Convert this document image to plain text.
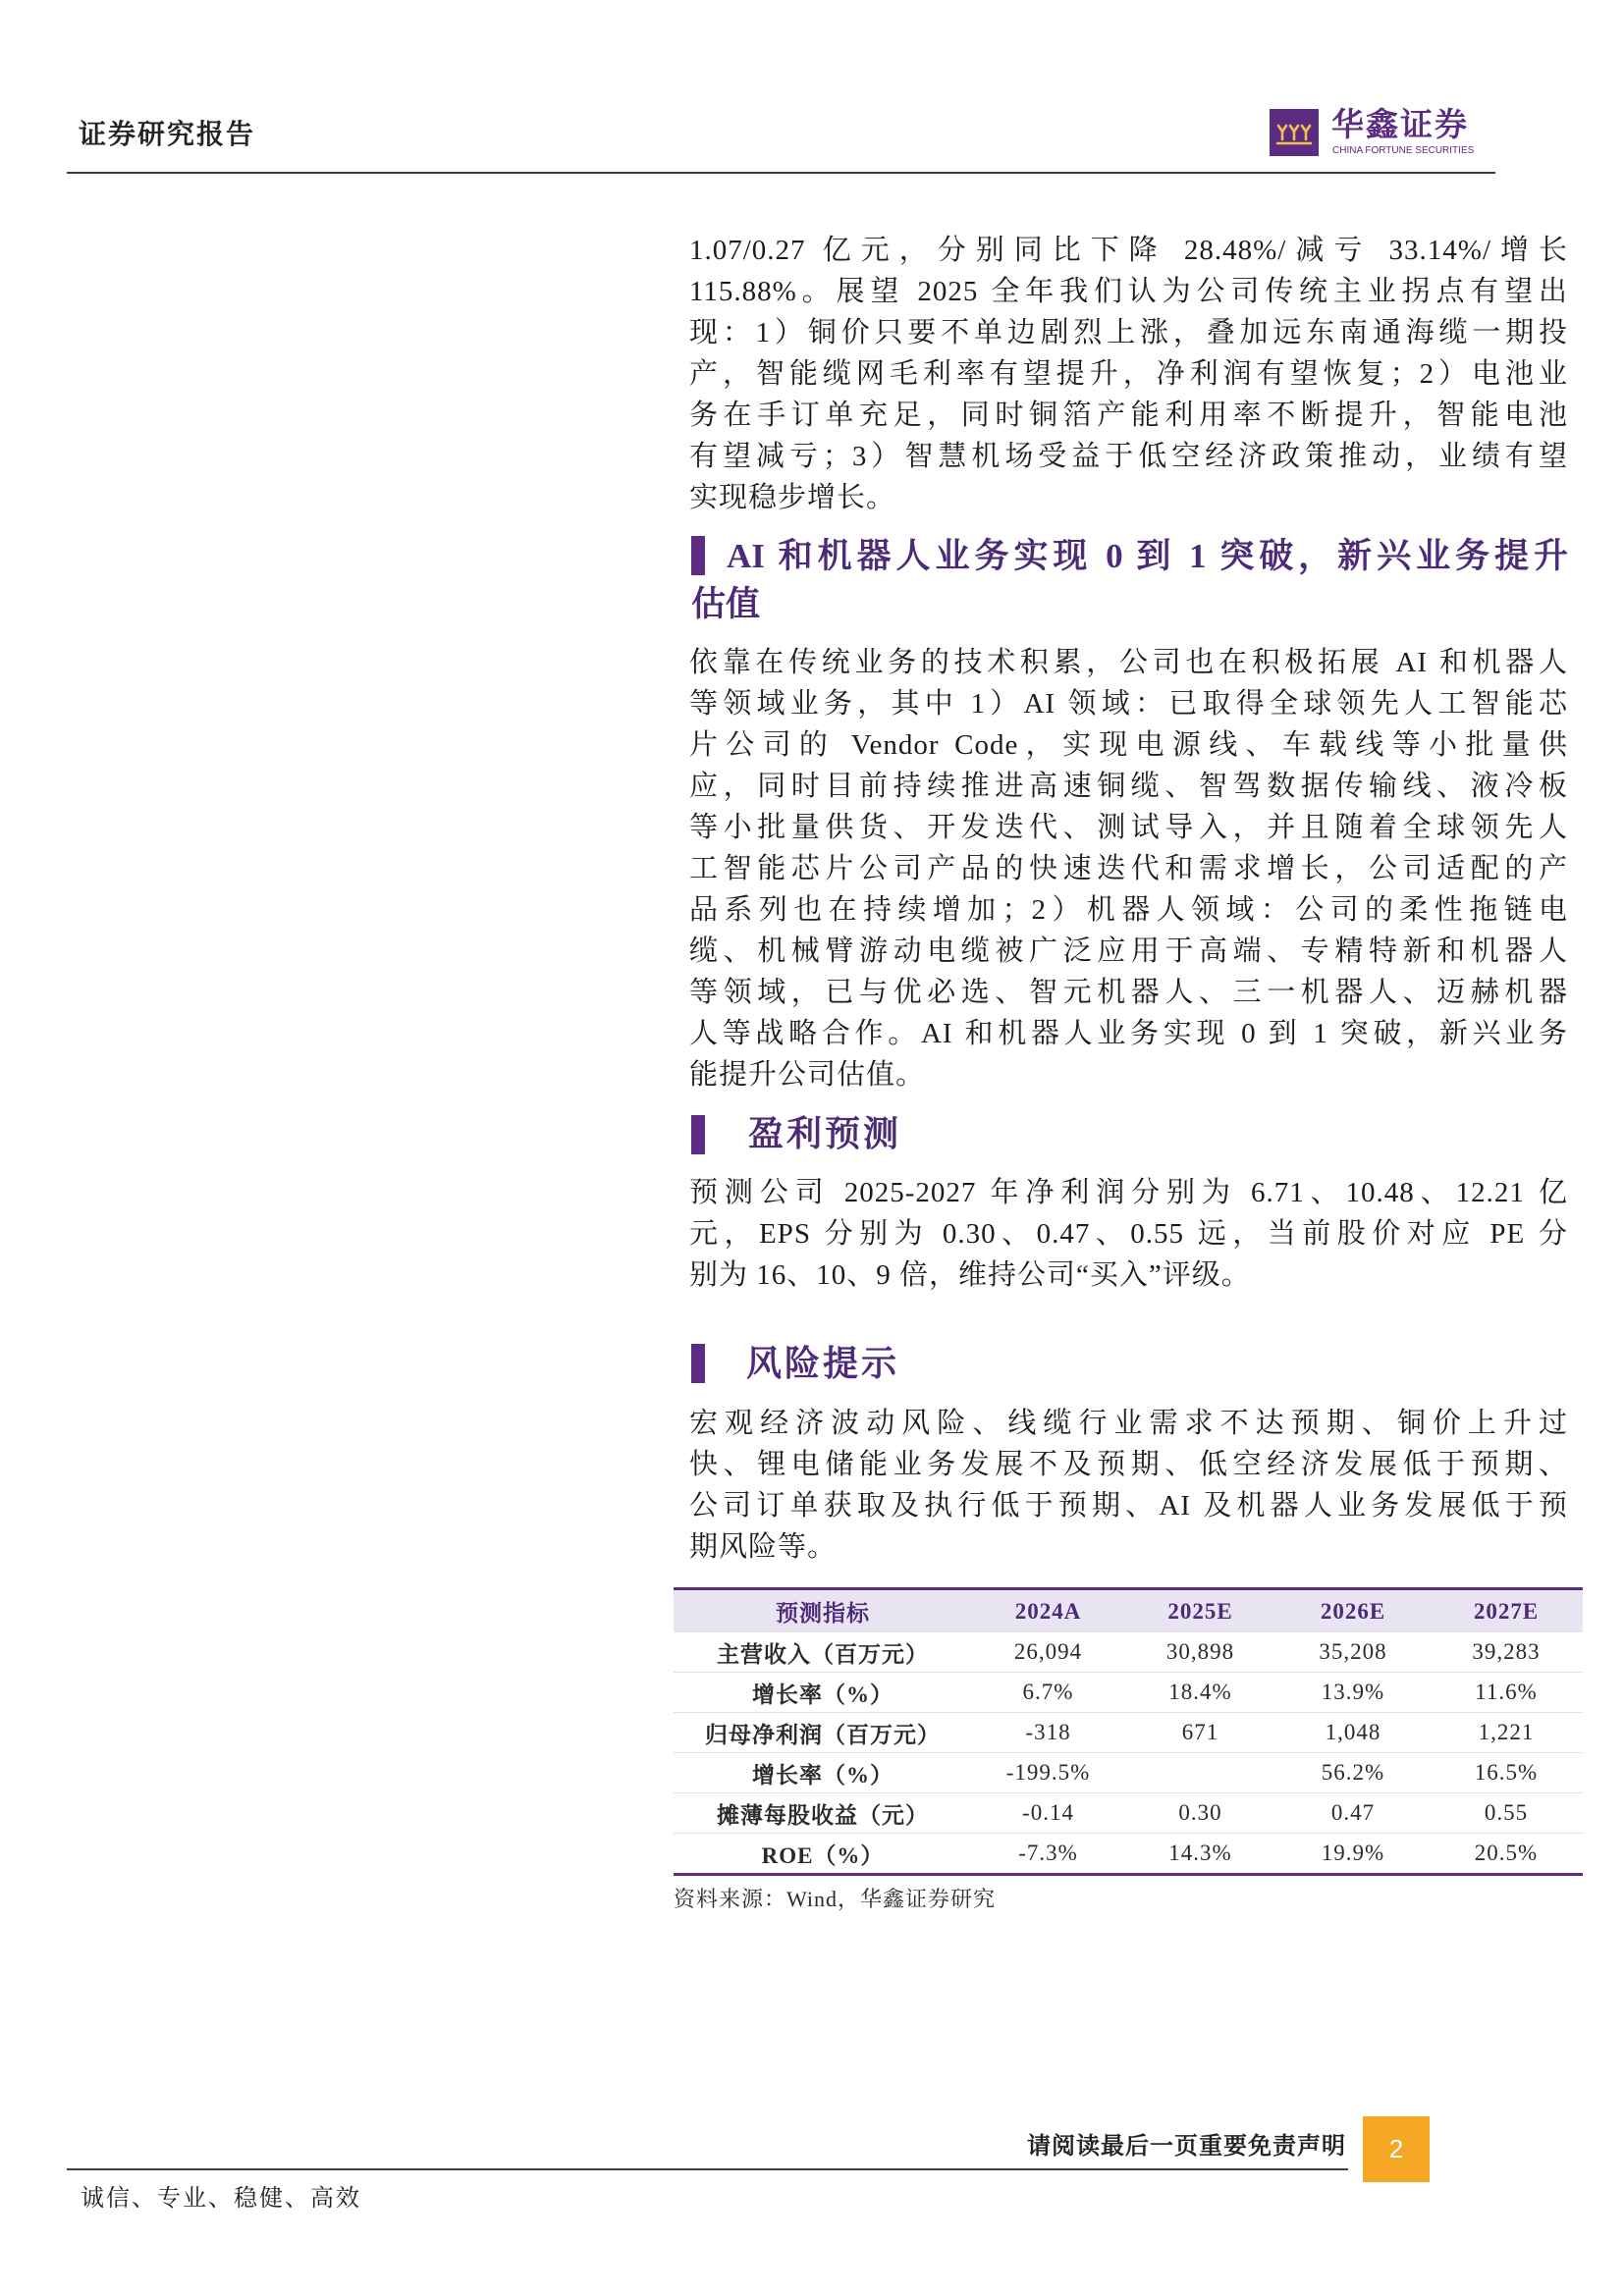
证券研究报告	华鑫证券
CHINA FORTUNE SECURITIES
1.07/0.27 亿元，分别同比下降 28.48%/减亏 33.14%/增长
115.88%。展望 2025 全年我们认为公司传统主业拐点有望出
现：1）铜价只要不单边剧烈上涨，叠加远东南通海缆一期投
产，智能缆网毛利率有望提升，净利润有望恢复；2）电池业
务在手订单充足，同时铜箔产能利用率不断提升，智能电池
有望减亏；3）智慧机场受益于低空经济政策推动，业绩有望
实现稳步增长。
AI 和机器人业务实现 0 到 1 突破，新兴业务提升
估值
依靠在传统业务的技术积累，公司也在积极拓展 AI 和机器人
等领域业务，其中 1）AI 领域：已取得全球领先人工智能芯
片公司的 Vendor Code，实现电源线、车载线等小批量供
应，同时目前持续推进高速铜缆、智驾数据传输线、液冷板
等小批量供货、开发迭代、测试导入，并且随着全球领先人
工智能芯片公司产品的快速迭代和需求增长，公司适配的产
品系列也在持续增加；2）机器人领域：公司的柔性拖链电
缆、机械臂游动电缆被广泛应用于高端、专精特新和机器人
等领域，已与优必选、智元机器人、三一机器人、迈赫机器
人等战略合作。AI 和机器人业务实现 0 到 1 突破，新兴业务
能提升公司估值。
盈利预测
预测公司 2025-2027 年净利润分别为 6.71、10.48、12.21 亿
元，EPS 分别为 0.30、0.47、0.55 远，当前股价对应 PE 分
别为 16、10、9 倍，维持公司“买入”评级。
风险提示
宏观经济波动风险、线缆行业需求不达预期、铜价上升过
快、锂电储能业务发展不及预期、低空经济发展低于预期、
公司订单获取及执行低于预期、AI 及机器人业务发展低于预
期风险等。
预测指标	2024A	2025E	2026E	2027E
主营收入（百万元）	26,094	30,898	35,208	39,283
增长率（%）	6.7%	18.4%	13.9%	11.6%
归母净利润（百万元）	-318	671	1,048	1,221
增长率（%）	-199.5%		56.2%	16.5%
摊薄每股收益（元）	-0.14	0.30	0.47	0.55
ROE（%）	-7.3%	14.3%	19.9%	20.5%
资料来源：Wind，华鑫证券研究
请阅读最后一页重要免责声明	2
诚信、专业、稳健、高效
